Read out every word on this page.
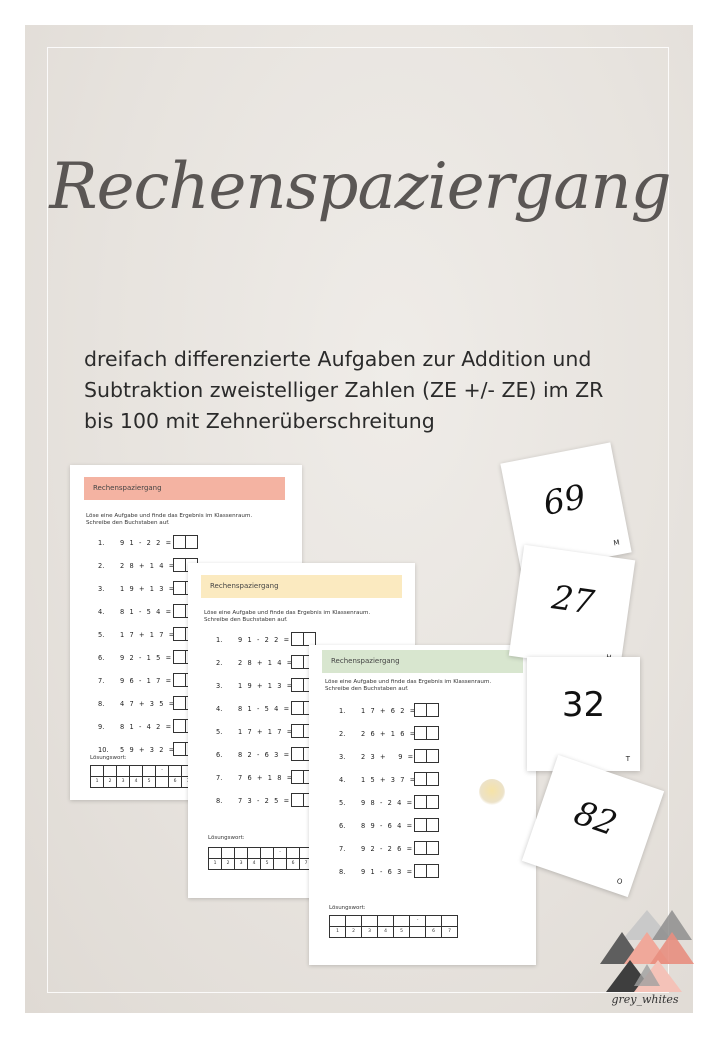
Rechenspaziergang
dreifach differenzierte Aufgaben zur Addition und
Subtraktion zweistelliger Zahlen (ZE +/- ZE) im ZR
bis 100 mit Zehnerüberschreitung
Rechenspaziergang
Löse eine Aufgabe und finde das Ergebnis im Klassenraum.
Schreibe den Buchstaben auf.
1. 9 1 - 2 2 =
2. 2 8 + 1 4 =
3. 1 9 + 1 3 =
4. 8 1 - 5 4 =
5. 1 7 + 1 7 =
6. 9 2 - 1 5 =
7. 9 6 - 1 7 =
8. 4 7 + 3 5 =
9. 8 1 - 4 2 =
10. 5 9 + 3 2 =
Lösungswort:
-
1	2	3	4	5	6
Rechenspaziergang
Löse eine Aufgabe und finde das Ergebnis im Klassenraum.
Schreibe den Buchstaben auf.
1. 9 1 - 2 2 =
2. 2 8 + 1 4 =
3. 1 9 + 1 3 =
4. 8 1 - 5 4 =
5. 1 7 + 1 7 =
6. 8 2 - 6 3 =
7. 7 6 + 1 8 =
8. 7 3 - 2 5 =
Lösungswort:
-
1	2	3	4	5	6	7
Rechenspaziergang
Löse eine Aufgabe und finde das Ergebnis im Klassenraum.
Schreibe den Buchstaben auf.
1. 1 7 + 6 2 =
2. 2 6 + 1 6 =
3. 2 3 +   9 =
4. 1 5 + 3 7 =
5. 9 8 - 2 4 =
6. 8 9 - 6 4 =
7. 9 2 - 2 6 =
8. 9 1 - 6 3 =
Lösungswort:
-
1	2	3	4	5	6	7
69
M
27
32
T
82
O
grey_whites
